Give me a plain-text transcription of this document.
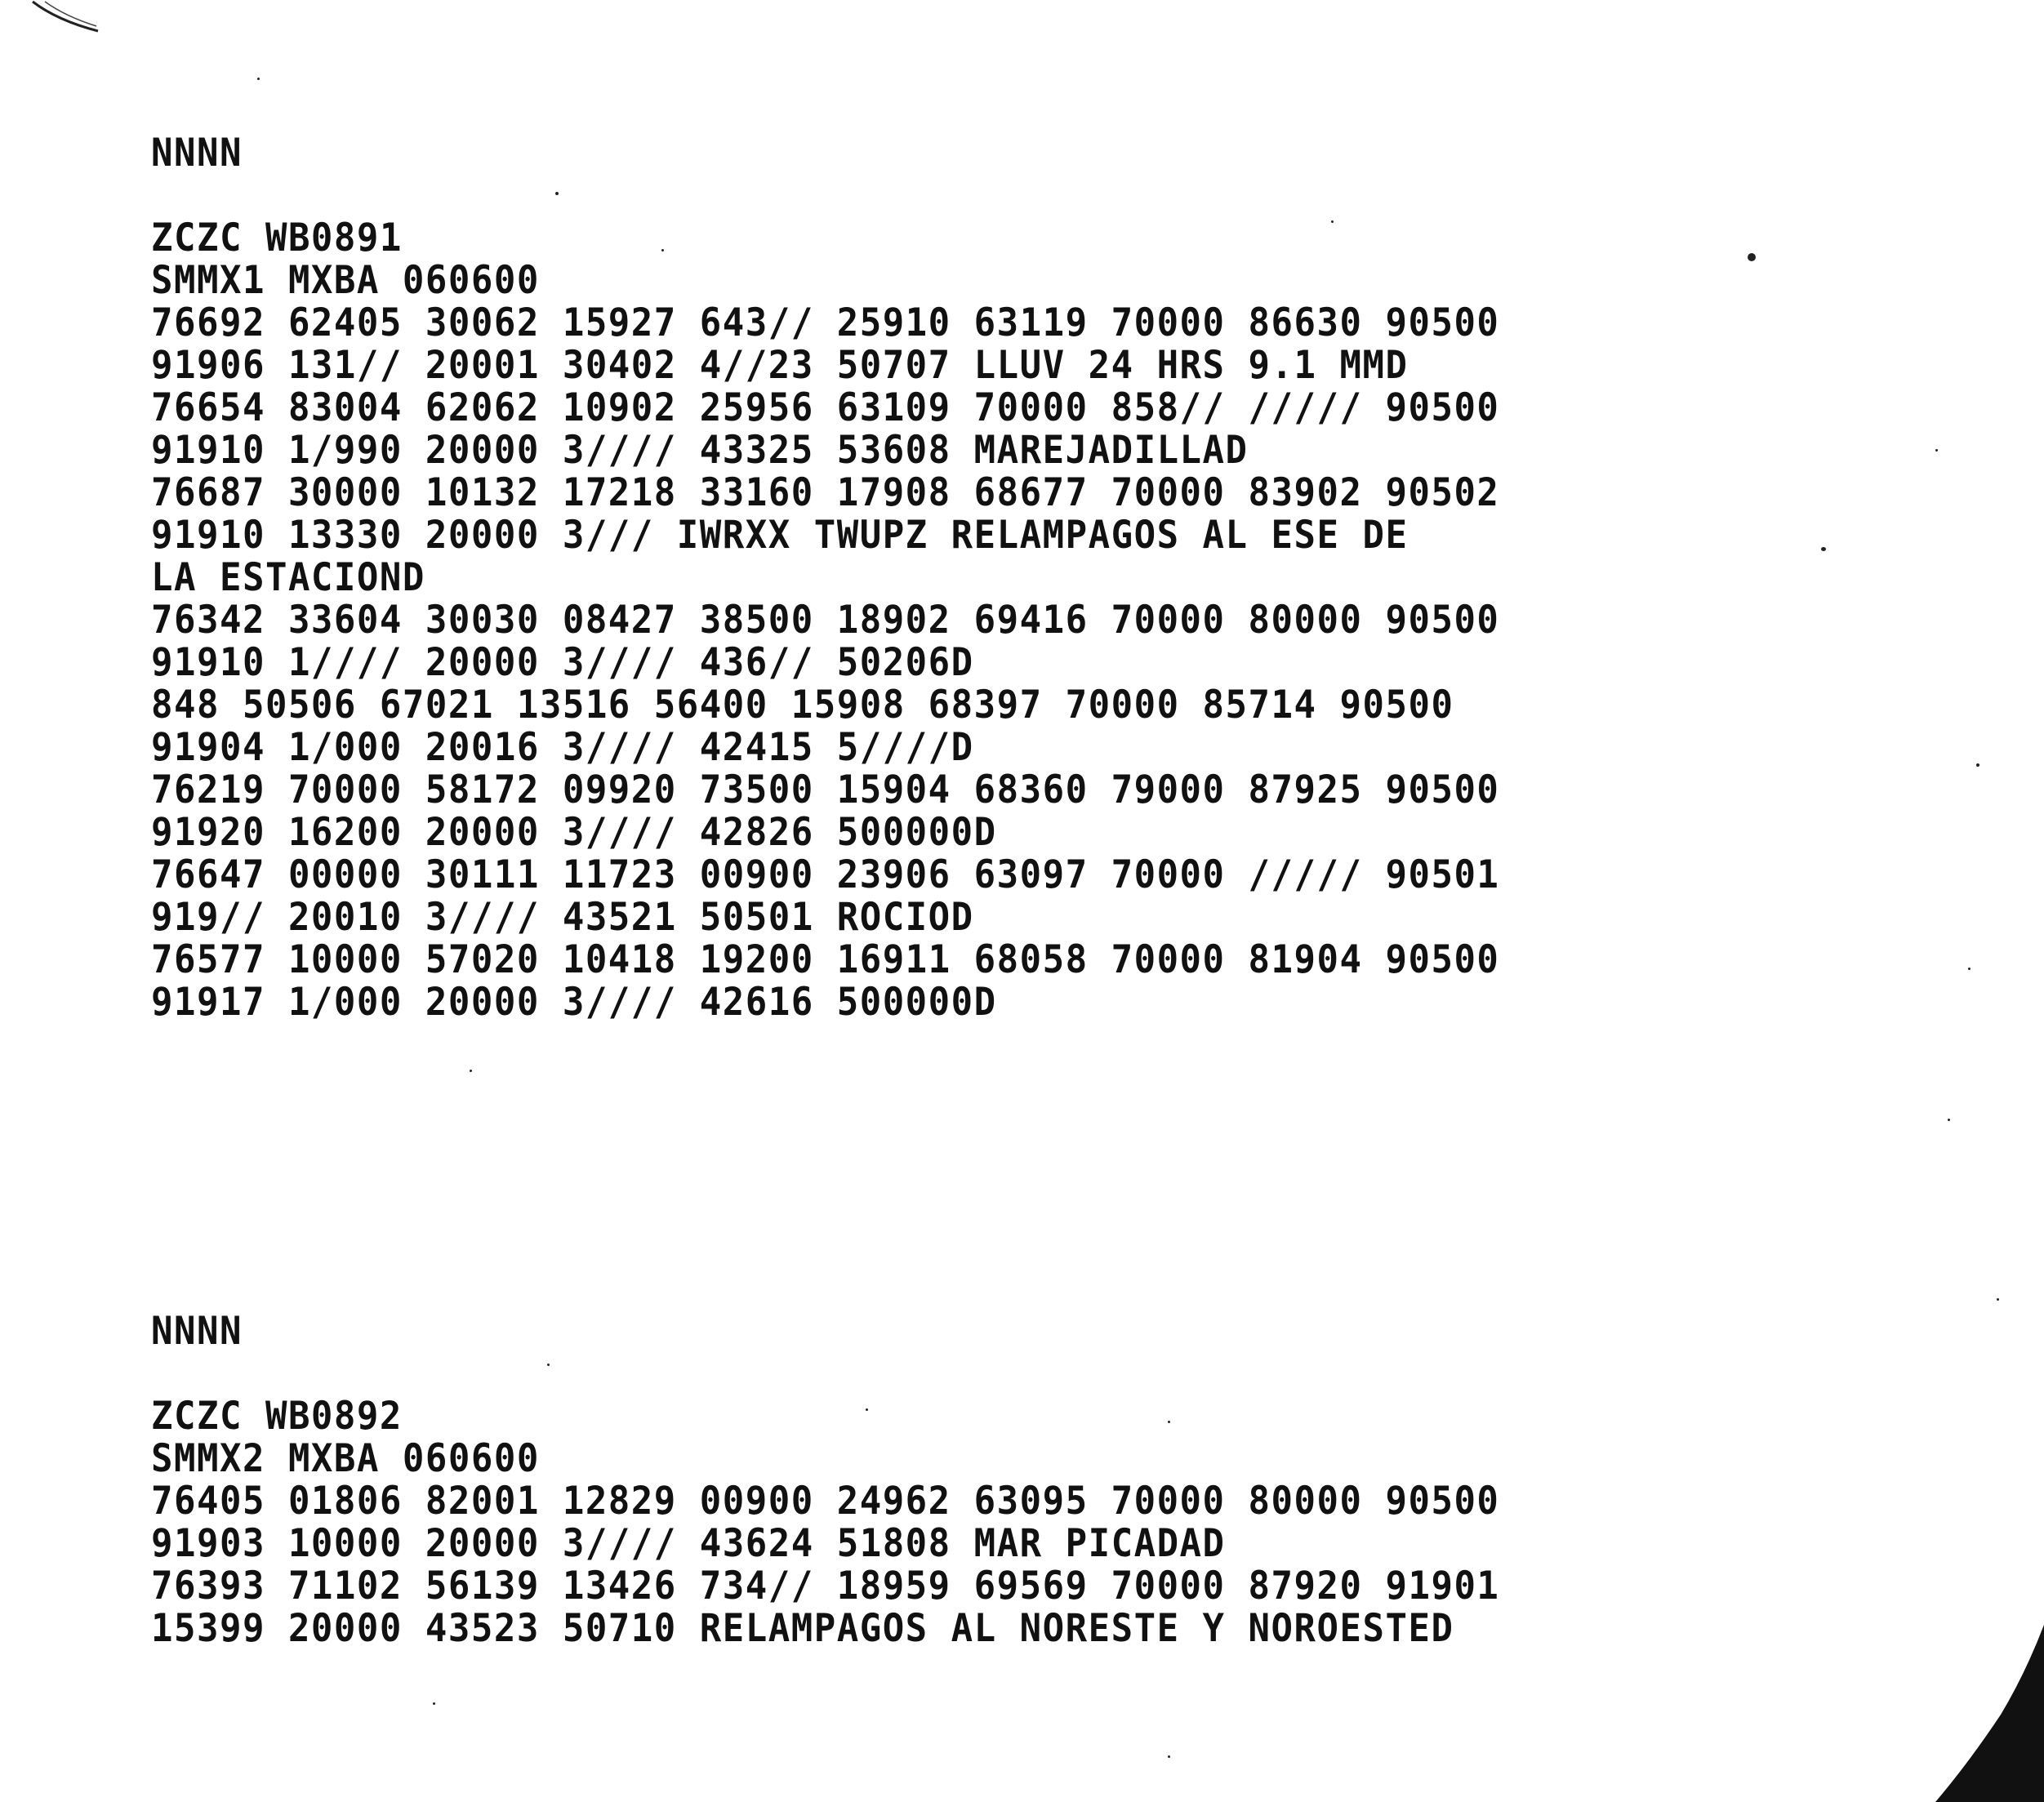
NNNN
ZCZC WB0891
SMMX1 MXBA 060600
76692 62405 30062 15927 643// 25910 63119 70000 86630 90500
91906 131// 20001 30402 4//23 50707 LLUV 24 HRS 9.1 MMD
76654 83004 62062 10902 25956 63109 70000 858// ///// 90500
91910 1/990 20000 3//// 43325 53608 MAREJADILLAD
76687 30000 10132 17218 33160 17908 68677 70000 83902 90502
91910 13330 20000 3/// IWRXX TWUPZ RELAMPAGOS AL ESE DE
LA ESTACIOND
76342 33604 30030 08427 38500 18902 69416 70000 80000 90500
91910 1//// 20000 3//// 436// 50206D
848 50506 67021 13516 56400 15908 68397 70000 85714 90500
91904 1/000 20016 3//// 42415 5////D
76219 70000 58172 09920 73500 15904 68360 79000 87925 90500
91920 16200 20000 3//// 42826 500000D
76647 00000 30111 11723 00900 23906 63097 70000 ///// 90501
919// 20010 3//// 43521 50501 ROCIOD
76577 10000 57020 10418 19200 16911 68058 70000 81904 90500
91917 1/000 20000 3//// 42616 500000D
NNNN
ZCZC WB0892
SMMX2 MXBA 060600
76405 01806 82001 12829 00900 24962 63095 70000 80000 90500
91903 10000 20000 3//// 43624 51808 MAR PICADAD
76393 71102 56139 13426 734// 18959 69569 70000 87920 91901
15399 20000 43523 50710 RELAMPAGOS AL NORESTE Y NOROESTED
